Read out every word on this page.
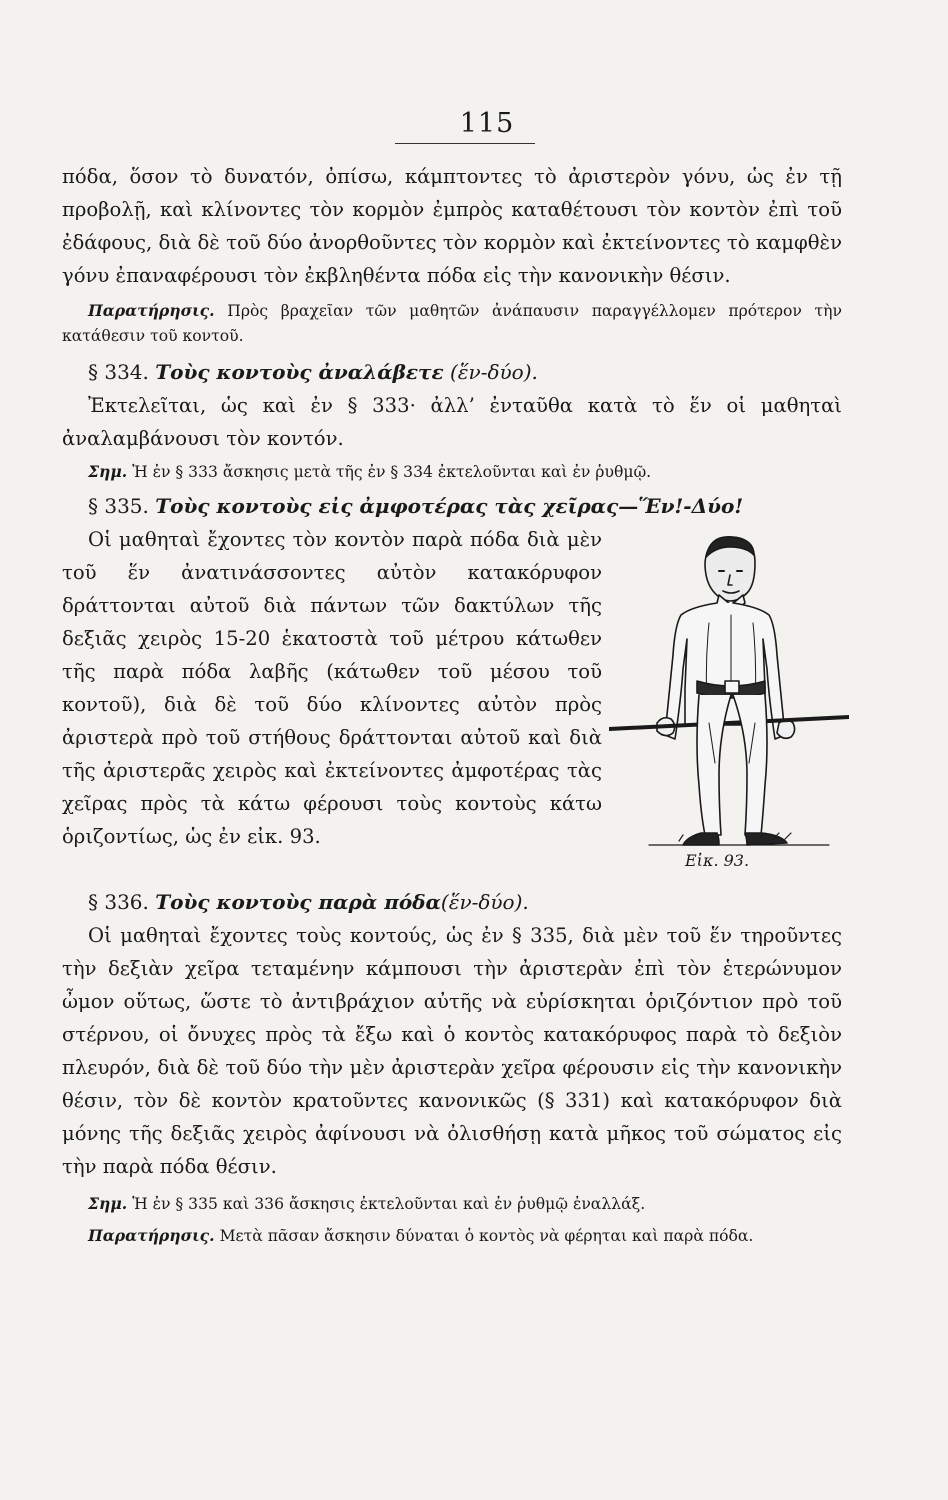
115

πόδα, ὅσον τὸ δυνατόν, ὀπίσω, κάμπτοντες τὸ ἀριστερὸν γόνυ, ὡς ἐν τῇ προβολῇ, καὶ κλίνοντες τὸν κορμὸν ἐμπρὸς καταθέτουσι τὸν κοντὸν ἐπὶ τοῦ ἐδάφους, διὰ δὲ τοῦ δύο ἀνορθοῦντες τὸν κορμὸν καὶ ἐκτείνοντες τὸ καμφθὲν γόνυ ἐπαναφέρουσι τὸν ἐκβληθέντα πόδα εἰς τὴν κανονικὴν θέσιν.

Παρατήρησις. Πρὸς βραχεῖαν τῶν μαθητῶν ἀνάπαυσιν παραγγέλλομεν πρότερον τὴν κατάθεσιν τοῦ κοντοῦ.

§ 334. Τοὺς κοντοὺς ἀναλάβετε (ἕν-δύο).

Ἐκτελεῖται, ὡς καὶ ἐν § 333· ἀλλ’ ἐνταῦθα κατὰ τὸ ἕν οἱ μαθηταὶ ἀναλαμβάνουσι τὸν κοντόν.

Σημ. Ἡ ἐν § 333 ἄσκησις μετὰ τῆς ἐν § 334 ἐκτελοῦνται καὶ ἐν ῥυθμῷ.

§ 335. Τοὺς κοντοὺς εἰς ἀμφοτέρας τὰς χεῖρας—Ἕν!-Δύο!

Οἱ μαθηταὶ ἔχοντες τὸν κοντὸν παρὰ πόδα διὰ μὲν τοῦ ἕν ἀνατινάσσοντες αὐτὸν κατακόρυφον δράττονται αὐτοῦ διὰ πάντων τῶν δακτύλων τῆς δεξιᾶς χειρὸς 15-20 ἑκατοστὰ τοῦ μέτρου κάτωθεν τῆς παρὰ πόδα λαβῆς (κάτωθεν τοῦ μέσου τοῦ κοντοῦ), διὰ δὲ τοῦ δύο κλίνοντες αὐτὸν πρὸς ἀριστερὰ πρὸ τοῦ στήθους δράττονται αὐτοῦ καὶ διὰ τῆς ἀριστερᾶς χειρὸς καὶ ἐκτείνοντες ἀμφοτέρας τὰς χεῖρας πρὸς τὰ κάτω φέρουσι τοὺς κοντοὺς κάτω ὁριζοντίως, ὡς ἐν εἰκ. 93.

Εἰκ. 93.

§ 336. Τοὺς κοντοὺς παρὰ πόδα(ἕν-δύο).

Οἱ μαθηταὶ ἔχοντες τοὺς κοντούς, ὡς ἐν § 335, διὰ μὲν τοῦ ἕν τηροῦντες τὴν δεξιὰν χεῖρα τεταμένην κάμπουσι τὴν ἀριστερὰν ἐπὶ τὸν ἑτερώνυμον ὦμον οὕτως, ὥστε τὸ ἀντιβράχιον αὐτῆς νὰ εὑρίσκηται ὁριζόντιον πρὸ τοῦ στέρνου, οἱ ὄνυχες πρὸς τὰ ἔξω καὶ ὁ κοντὸς κατακόρυφος παρὰ τὸ δεξιὸν πλευρόν, διὰ δὲ τοῦ δύο τὴν μὲν ἀριστερὰν χεῖρα φέρουσιν εἰς τὴν κανονικὴν θέσιν, τὸν δὲ κοντὸν κρατοῦντες κανονικῶς (§ 331) καὶ κατακόρυφον διὰ μόνης τῆς δεξιᾶς χειρὸς ἀφίνουσι νὰ ὀλισθήσῃ κατὰ μῆκος τοῦ σώματος εἰς τὴν παρὰ πόδα θέσιν.

Σημ. Ἡ ἐν § 335 καὶ 336 ἄσκησις ἐκτελοῦνται καὶ ἐν ῥυθμῷ ἐναλλάξ.

Παρατήρησις. Μετὰ πᾶσαν ἄσκησιν δύναται ὁ κοντὸς νὰ φέρηται καὶ παρὰ πόδα.
